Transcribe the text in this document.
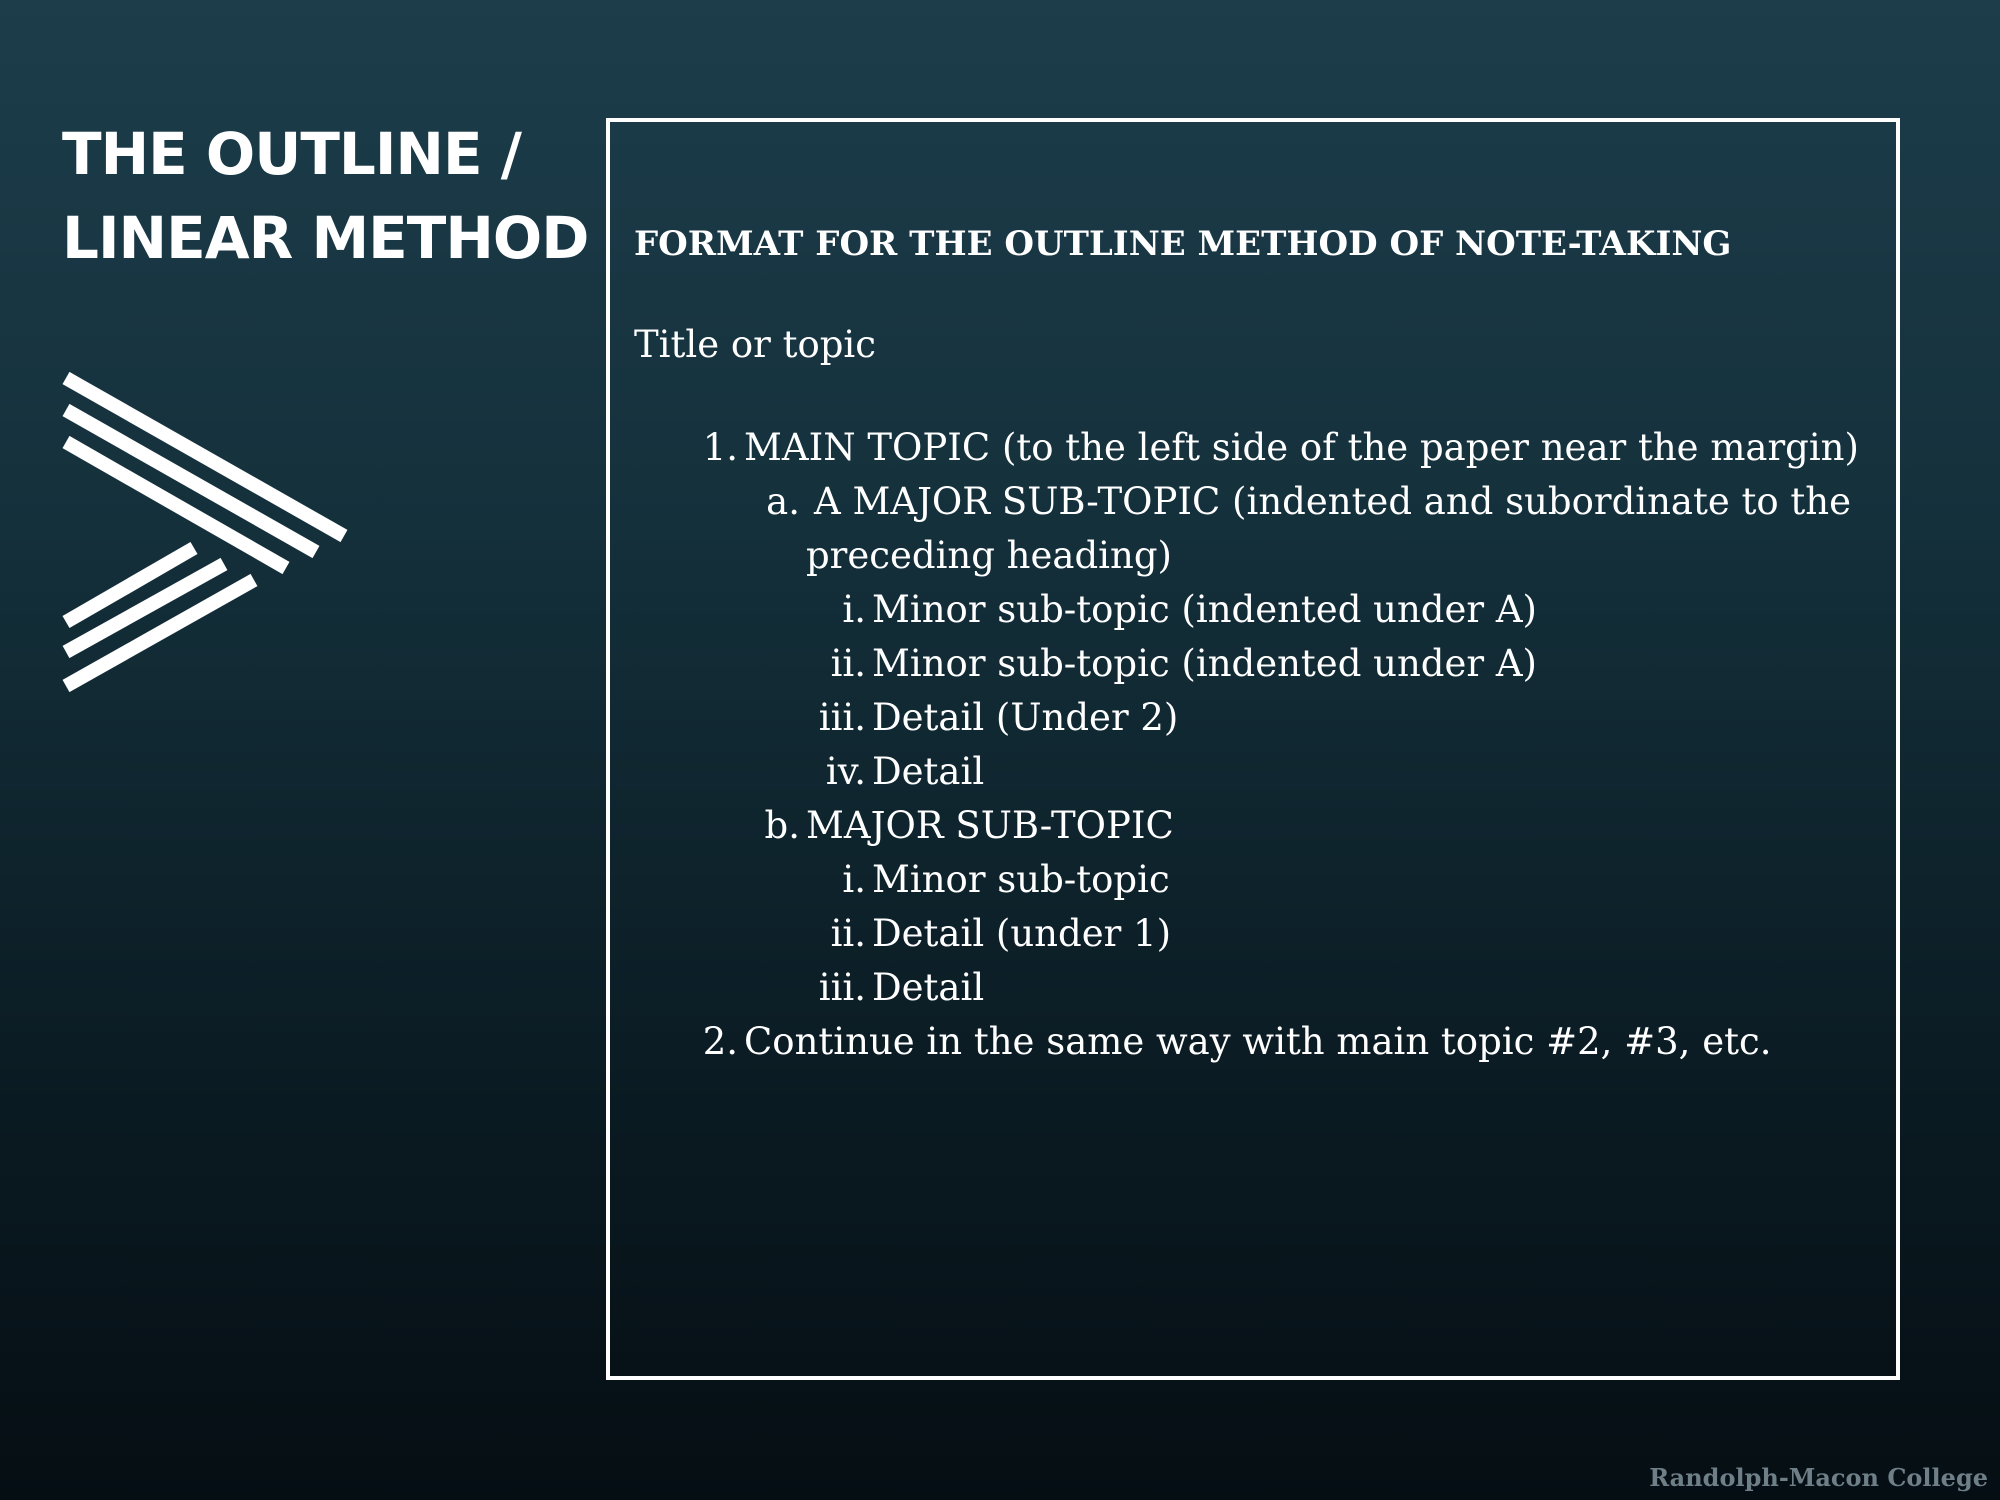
THE OUTLINE /
LINEAR METHOD	FORMAT FOR THE OUTLINE METHOD OF NOTE-TAKING
Title or topic
1. MAIN TOPIC (to the left side of the paper near the margin)
a. A MAJOR SUB-TOPIC (indented and subordinate to the
preceding heading)
i. Minor sub-topic (indented under A)
ii. Minor sub-topic (indented under A)
iii. Detail (Under 2)
iv. Detail
b. MAJOR SUB-TOPIC
i. Minor sub-topic
ii. Detail (under 1)
iii. Detail
2. Continue in the same way with main topic #2, #3, etc.
Randolph-Macon College
